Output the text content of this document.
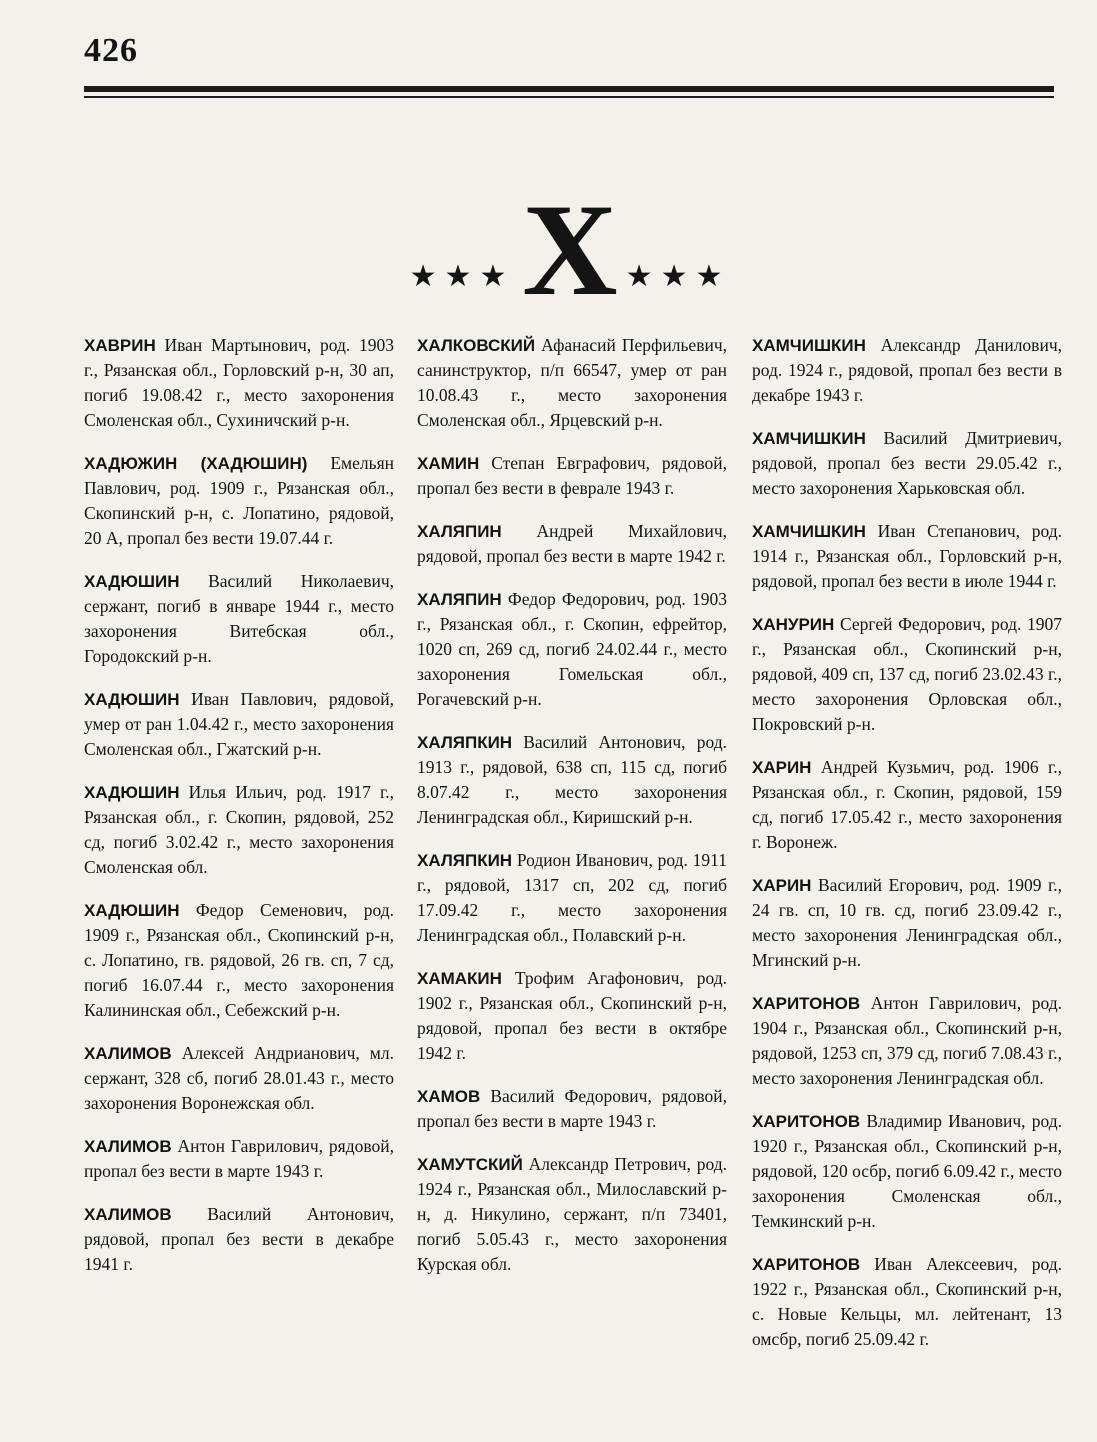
426
★★★ Х ★★★

ХАВРИН Иван Мартынович, род. 1903 г., Рязанская обл., Горловский р-н, 30 ап, погиб 19.08.42 г., место захоронения Смоленская обл., Сухиничский р-н.

ХАДЮЖИН (ХАДЮШИН) Емельян Павлович, род. 1909 г., Рязанская обл., Скопинский р-н, с. Лопатино, рядовой, 20 А, пропал без вести 19.07.44 г.

ХАДЮШИН Василий Николаевич, сержант, погиб в январе 1944 г., место захоронения Витебская обл., Городокский р-н.

ХАДЮШИН Иван Павлович, рядовой, умер от ран 1.04.42 г., место захоронения Смоленская обл., Гжатский р-н.

ХАДЮШИН Илья Ильич, род. 1917 г., Рязанская обл., г. Скопин, рядовой, 252 сд, погиб 3.02.42 г., место захоронения Смоленская обл.

ХАДЮШИН Федор Семенович, род. 1909 г., Рязанская обл., Скопинский р-н, с. Лопатино, гв. рядовой, 26 гв. сп, 7 сд, погиб 16.07.44 г., место захоронения Калининская обл., Себежский р-н.

ХАЛИМОВ Алексей Андрианович, мл. сержант, 328 сб, погиб 28.01.43 г., место захоронения Воронежская обл.

ХАЛИМОВ Антон Гаврилович, рядовой, пропал без вести в марте 1943 г.

ХАЛИМОВ Василий Антонович, рядовой, пропал без вести в декабре 1941 г.

ХАЛКОВСКИЙ Афанасий Перфильевич, санинструктор, п/п 66547, умер от ран 10.08.43 г., место захоронения Смоленская обл., Ярцевский р-н.

ХАМИН Степан Евграфович, рядовой, пропал без вести в феврале 1943 г.

ХАЛЯПИН Андрей Михайлович, рядовой, пропал без вести в марте 1942 г.

ХАЛЯПИН Федор Федорович, род. 1903 г., Рязанская обл., г. Скопин, ефрейтор, 1020 сп, 269 сд, погиб 24.02.44 г., место захоронения Гомельская обл., Рогачевский р-н.

ХАЛЯПКИН Василий Антонович, род. 1913 г., рядовой, 638 сп, 115 сд, погиб 8.07.42 г., место захоронения Ленинградская обл., Киришский р-н.

ХАЛЯПКИН Родион Иванович, род. 1911 г., рядовой, 1317 сп, 202 сд, погиб 17.09.42 г., место захоронения Ленинградская обл., Полавский р-н.

ХАМАКИН Трофим Агафонович, род. 1902 г., Рязанская обл., Скопинский р-н, рядовой, пропал без вести в октябре 1942 г.

ХАМОВ Василий Федорович, рядовой, пропал без вести в марте 1943 г.

ХАМУТСКИЙ Александр Петрович, род. 1924 г., Рязанская обл., Милославский р-н, д. Никулино, сержант, п/п 73401, погиб 5.05.43 г., место захоронения Курская обл.

ХАМЧИШКИН Александр Данилович, род. 1924 г., рядовой, пропал без вести в декабре 1943 г.

ХАМЧИШКИН Василий Дмитриевич, рядовой, пропал без вести 29.05.42 г., место захоронения Харьковская обл.

ХАМЧИШКИН Иван Степанович, род. 1914 г., Рязанская обл., Горловский р-н, рядовой, пропал без вести в июле 1944 г.

ХАНУРИН Сергей Федорович, род. 1907 г., Рязанская обл., Скопинский р-н, рядовой, 409 сп, 137 сд, погиб 23.02.43 г., место захоронения Орловская обл., Покровский р-н.

ХАРИН Андрей Кузьмич, род. 1906 г., Рязанская обл., г. Скопин, рядовой, 159 сд, погиб 17.05.42 г., место захоронения г. Воронеж.

ХАРИН Василий Егорович, род. 1909 г., 24 гв. сп, 10 гв. сд, погиб 23.09.42 г., место захоронения Ленинградская обл., Мгинский р-н.

ХАРИТОНОВ Антон Гаврилович, род. 1904 г., Рязанская обл., Скопинский р-н, рядовой, 1253 сп, 379 сд, погиб 7.08.43 г., место захоронения Ленинградская обл.

ХАРИТОНОВ Владимир Иванович, род. 1920 г., Рязанская обл., Скопинский р-н, рядовой, 120 осбр, погиб 6.09.42 г., место захоронения Смоленская обл., Темкинский р-н.

ХАРИТОНОВ Иван Алексеевич, род. 1922 г., Рязанская обл., Скопинский р-н, с. Новые Кельцы, мл. лейтенант, 13 омсбр, погиб 25.09.42 г.
